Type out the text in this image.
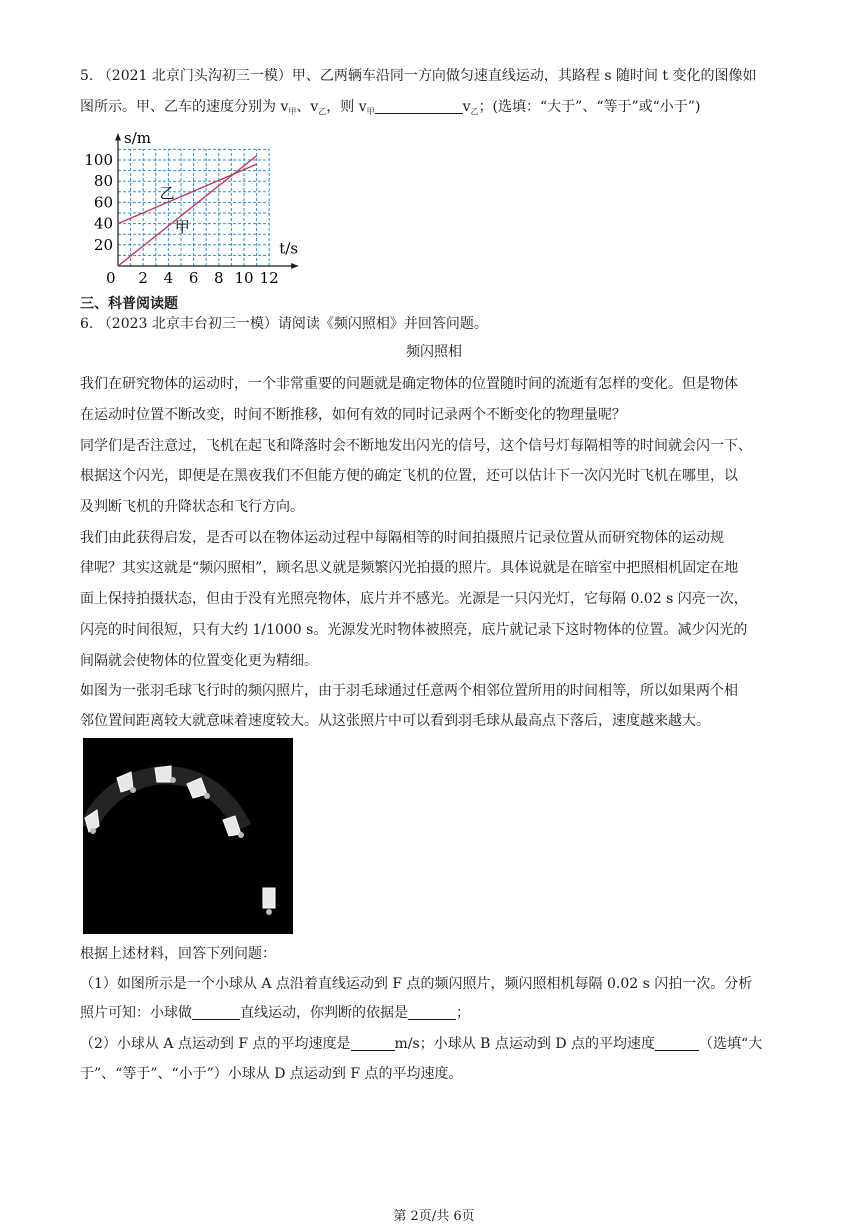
5. （2021 北京门头沟初三一模）甲、乙两辆车沿同一方向做匀速直线运动，其路程 s 随时间 t 变化的图像如
图所示。甲、乙车的速度分别为 $v_甲$、$v_乙$，则 $v_甲$	$v_乙$；(选填：“大于”、“等于”或“小于”)
2 4 6 8 10 12
20
40
60
80
100
0
s/m
t/s
甲
乙
三、科普阅读题
6. （2023 北京丰台初三一模）请阅读《频闪照相》并回答问题。
频闪照相
我们在研究物体的运动时，一个非常重要的问题就是确定物体的位置随时间的流逝有怎样的变化。但是物体
在运动时位置不断改变，时间不断推移，如何有效的同时记录两个不断变化的物理量呢？
同学们是否注意过，飞机在起飞和降落时会不断地发出闪光的信号，这个信号灯每隔相等的时间就会闪一下、
根据这个闪光，即便是在黑夜我们不但能方便的确定飞机的位置，还可以估计下一次闪光时飞机在哪里，以
及判断飞机的升降状态和飞行方向。
我们由此获得启发，是否可以在物体运动过程中每隔相等的时间拍摄照片记录位置从而研究物体的运动规
律呢？其实这就是“频闪照相”，顾名思义就是频繁闪光拍摄的照片。具体说就是在暗室中把照相机固定在地
面上保持拍摄状态，但由于没有光照亮物体，底片并不感光。光源是一只闪光灯，它每隔 0.02 s 闪亮一次，
闪亮的时间很短，只有大约 1/1000 s。光源发光时物体被照亮，底片就记录下这时物体的位置。减少闪光的
间隔就会使物体的位置变化更为精细。
如图为一张羽毛球飞行时的频闪照片，由于羽毛球通过任意两个相邻位置所用的时间相等，所以如果两个相
邻位置间距离较大就意味着速度较大。从这张照片中可以看到羽毛球从最高点下落后，速度越来越大。
根据上述材料，回答下列问题：
（1）如图所示是一个小球从 A 点沿着直线运动到 F 点的频闪照片，频闪照相机每隔 0.02 s 闪拍一次。分析
照片可知：小球做	直线运动，你判断的依据是	；
（2）小球从 A 点运动到 F 点的平均速度是	m/s；小球从 B 点运动到 D 点的平均速度	（选填“大
于”、“等于”、“小于”）小球从 D 点运动到 F 点的平均速度。
第 2页/共 6页
